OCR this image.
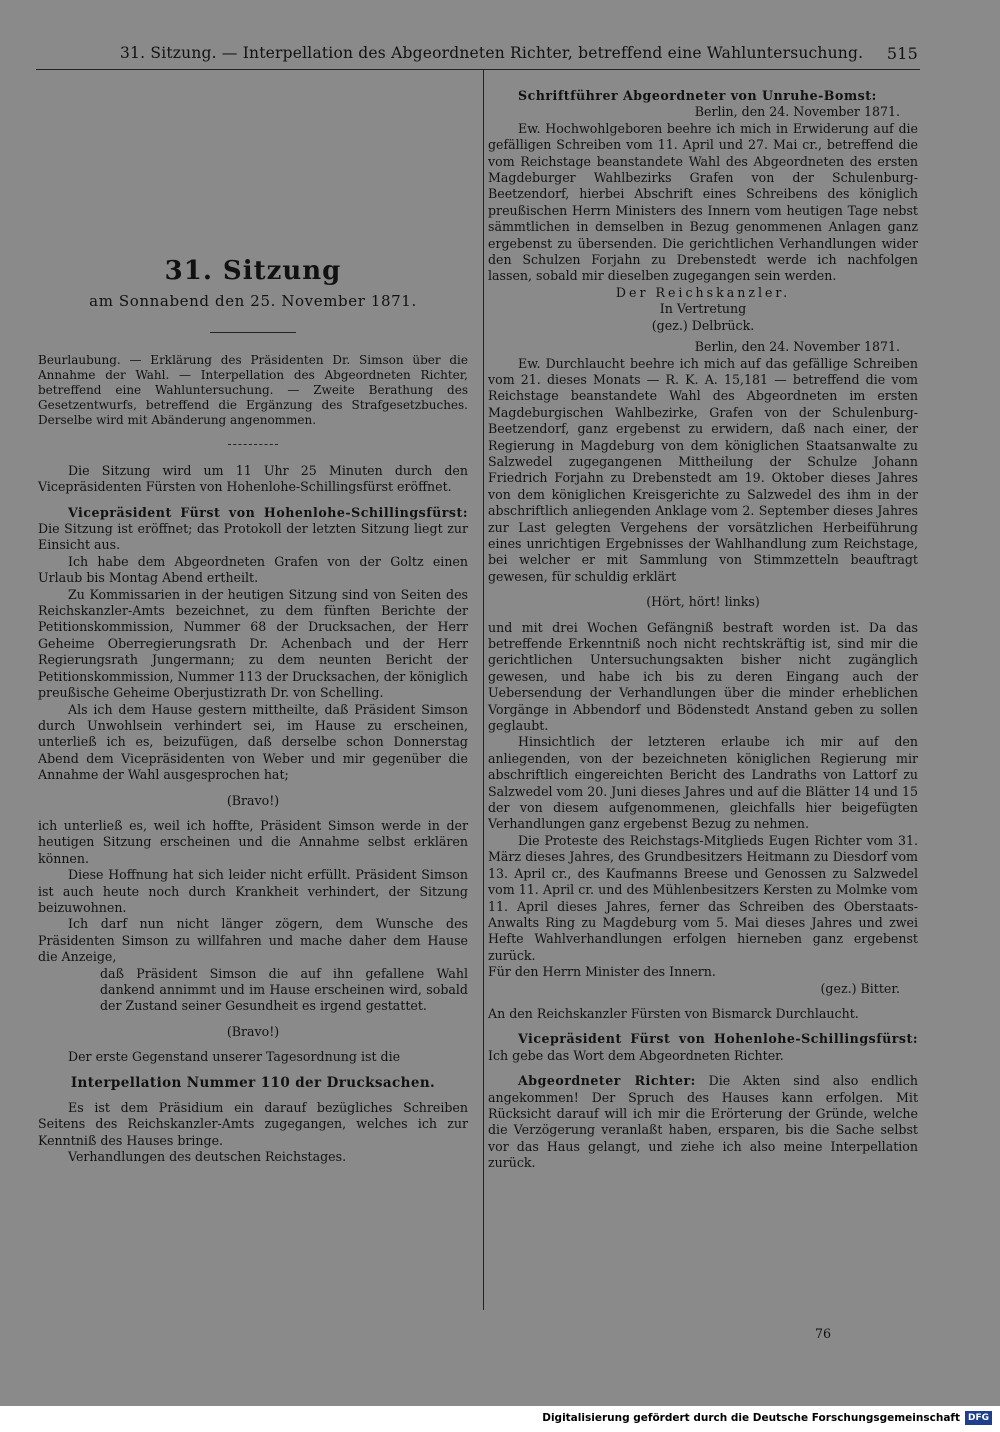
31. Sitzung. — Interpellation des Abgeordneten Richter, betreffend eine Wahluntersuchung. 515
31. Sitzung
am Sonnabend den 25. November 1871.
Beurlaubung. — Erklärung des Präsidenten Dr. Simson über die Annahme der Wahl. — Interpellation des Abgeordneten Richter, betreffend eine Wahluntersuchung. — Zweite Berathung des Gesetzentwurfs, betreffend die Ergänzung des Strafgesetzbuches. Derselbe wird mit Abänderung angenommen.

Die Sitzung wird um 11 Uhr 25 Minuten durch den Vicepräsidenten Fürsten von Hohenlohe-Schillingsfürst eröffnet.

Vicepräsident Fürst von Hohenlohe-Schillingsfürst: Die Sitzung ist eröffnet; das Protokoll der letzten Sitzung liegt zur Einsicht aus.

Ich habe dem Abgeordneten Grafen von der Goltz einen Urlaub bis Montag Abend ertheilt.

Zu Kommissarien in der heutigen Sitzung sind von Seiten des Reichskanzler-Amts bezeichnet, zu dem fünften Berichte der Petitionskommission, Nummer 68 der Drucksachen, der Herr Geheime Oberregierungsrath Dr. Achenbach und der Herr Regierungsrath Jungermann; zu dem neunten Bericht der Petitionskommission, Nummer 113 der Drucksachen, der königlich preußische Geheime Oberjustizrath Dr. von Schelling.

Als ich dem Hause gestern mittheilte, daß Präsident Simson durch Unwohlsein verhindert sei, im Hause zu erscheinen, unterließ ich es, beizufügen, daß derselbe schon Donnerstag Abend dem Vicepräsidenten von Weber und mir gegenüber die Annahme der Wahl ausgesprochen hat;

(Bravo!)

ich unterließ es, weil ich hoffte, Präsident Simson werde in der heutigen Sitzung erscheinen und die Annahme selbst erklären können.

Diese Hoffnung hat sich leider nicht erfüllt. Präsident Simson ist auch heute noch durch Krankheit verhindert, der Sitzung beizuwohnen.

Ich darf nun nicht länger zögern, dem Wunsche des Präsidenten Simson zu willfahren und mache daher dem Hause die Anzeige,

daß Präsident Simson die auf ihn gefallene Wahl dankend annimmt und im Hause erscheinen wird, sobald der Zustand seiner Gesundheit es irgend gestattet.

(Bravo!)

Der erste Gegenstand unserer Tagesordnung ist die

Interpellation Nummer 110 der Drucksachen.

Es ist dem Präsidium ein darauf bezügliches Schreiben Seitens des Reichskanzler-Amts zugegangen, welches ich zur Kenntniß des Hauses bringe.

Verhandlungen des deutschen Reichstages.

Schriftführer Abgeordneter von Unruhe-Bomst:

Berlin, den 24. November 1871.

Ew. Hochwohlgeboren beehre ich mich in Erwiderung auf die gefälligen Schreiben vom 11. April und 27. Mai cr., betreffend die vom Reichstage beanstandete Wahl des Abgeordneten des ersten Magdeburger Wahlbezirks Grafen von der Schulenburg-Beetzendorf, hierbei Abschrift eines Schreibens des königlich preußischen Herrn Ministers des Innern vom heutigen Tage nebst sämmtlichen in demselben in Bezug genommenen Anlagen ganz ergebenst zu übersenden. Die gerichtlichen Verhandlungen wider den Schulzen Forjahn zu Drebenstedt werde ich nachfolgen lassen, sobald mir dieselben zugegangen sein werden.

Der Reichskanzler.

In Vertretung

(gez.) Delbrück.

Berlin, den 24. November 1871.

Ew. Durchlaucht beehre ich mich auf das gefällige Schreiben vom 21. dieses Monats — R. K. A. 15,181 — betreffend die vom Reichstage beanstandete Wahl des Abgeordneten im ersten Magdeburgischen Wahlbezirke, Grafen von der Schulenburg-Beetzendorf, ganz ergebenst zu erwidern, daß nach einer, der Regierung in Magdeburg von dem königlichen Staatsanwalte zu Salzwedel zugegangenen Mittheilung der Schulze Johann Friedrich Forjahn zu Drebenstedt am 19. Oktober dieses Jahres von dem königlichen Kreisgerichte zu Salzwedel des ihm in der abschriftlich anliegenden Anklage vom 2. September dieses Jahres zur Last gelegten Vergehens der vorsätzlichen Herbeiführung eines unrichtigen Ergebnisses der Wahlhandlung zum Reichstage, bei welcher er mit Sammlung von Stimmzetteln beauftragt gewesen, für schuldig erklärt

(Hört, hört! links)

und mit drei Wochen Gefängniß bestraft worden ist. Da das betreffende Erkenntniß noch nicht rechtskräftig ist, sind mir die gerichtlichen Untersuchungsakten bisher nicht zugänglich gewesen, und habe ich bis zu deren Eingang auch der Uebersendung der Verhandlungen über die minder erheblichen Vorgänge in Abbendorf und Bödenstedt Anstand geben zu sollen geglaubt.

Hinsichtlich der letzteren erlaube ich mir auf den anliegenden, von der bezeichneten königlichen Regierung mir abschriftlich eingereichten Bericht des Landraths von Lattorf zu Salzwedel vom 20. Juni dieses Jahres und auf die Blätter 14 und 15 der von diesem aufgenommenen, gleichfalls hier beigefügten Verhandlungen ganz ergebenst Bezug zu nehmen.

Die Proteste des Reichstags-Mitglieds Eugen Richter vom 31. März dieses Jahres, des Grundbesitzers Heitmann zu Diesdorf vom 13. April cr., des Kaufmanns Breese und Genossen zu Salzwedel vom 11. April cr. und des Mühlenbesitzers Kersten zu Molmke vom 11. April dieses Jahres, ferner das Schreiben des Oberstaats-Anwalts Ring zu Magdeburg vom 5. Mai dieses Jahres und zwei Hefte Wahlverhandlungen erfolgen hierneben ganz ergebenst zurück.

Für den Herrn Minister des Innern.

(gez.) Bitter.

An den Reichskanzler Fürsten von Bismarck Durchlaucht.

Vicepräsident Fürst von Hohenlohe-Schillingsfürst: Ich gebe das Wort dem Abgeordneten Richter.

Abgeordneter Richter: Die Akten sind also endlich angekommen! Der Spruch des Hauses kann erfolgen. Mit Rücksicht darauf will ich mir die Erörterung der Gründe, welche die Verzögerung veranlaßt haben, ersparen, bis die Sache selbst vor das Haus gelangt, und ziehe ich also meine Interpellation zurück.

76
Digitalisierung gefördert durch die Deutsche Forschungsgemeinschaft DFG
